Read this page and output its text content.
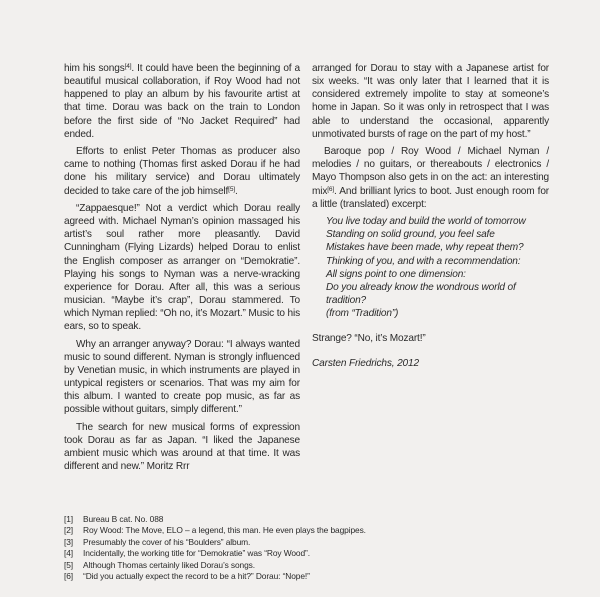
him his songs[4]. It could have been the beginning of a beautiful musical collaboration, if Roy Wood had not happened to play an album by his favourite artist at that time. Dorau was back on the train to London before the first side of “No Jacket Required” had ended.

Efforts to enlist Peter Thomas as producer also came to nothing (Thomas first asked Dorau if he had done his military service) and Dorau ultimately decided to take care of the job himself[5].

“Zappaesque!” Not a verdict which Dorau really agreed with. Michael Nyman’s opinion massaged his artist’s soul rather more pleasantly. David Cunningham (Flying Lizards) helped Dorau to enlist the English composer as arranger on “Demokratie”. Playing his songs to Nyman was a nerve-wracking experience for Dorau. After all, this was a serious musician. “Maybe it’s crap”, Dorau stammered. To which Nyman replied: “Oh no, it’s Mozart.” Music to his ears, so to speak.

Why an arranger anyway? Dorau: “I always wanted music to sound different. Nyman is strongly influenced by Venetian music, in which instruments are played in untypical registers or scenarios. That was my aim for this album. I wanted to create pop music, as far as possible without guitars, simply different.”

The search for new musical forms of expression took Dorau as far as Japan. “I liked the Japanese ambient music which was around at that time. It was different and new.” Moritz Rrr

arranged for Dorau to stay with a Japanese artist for six weeks. “It was only later that I learned that it is considered extremely impolite to stay at someone’s home in Japan. So it was only in retrospect that I was able to understand the occasional, apparently unmotivated bursts of rage on the part of my host.”

Baroque pop / Roy Wood / Michael Nyman / melodies / no guitars, or thereabouts / electronics / Mayo Thompson also gets in on the act: an interesting mix[6]. And brilliant lyrics to boot. Just enough room for a little (translated) excerpt:

You live today and build the world of tomorrow
Standing on solid ground, you feel safe
Mistakes have been made, why repeat them?
Thinking of you, and with a recommendation:
All signs point to one dimension:
Do you already know the wondrous world of tradition?
(from “Tradition”)

Strange? “No, it’s Mozart!”

Carsten Friedrichs, 2012

[1] Bureau B cat. No. 088
[2] Roy Wood: The Move, ELO – a legend, this man. He even plays the bagpipes.
[3] Presumably the cover of his “Boulders” album.
[4] Incidentally, the working title for “Demokratie” was “Roy Wood”.
[5] Although Thomas certainly liked Dorau’s songs.
[6] “Did you actually expect the record to be a hit?” Dorau: “Nope!”
